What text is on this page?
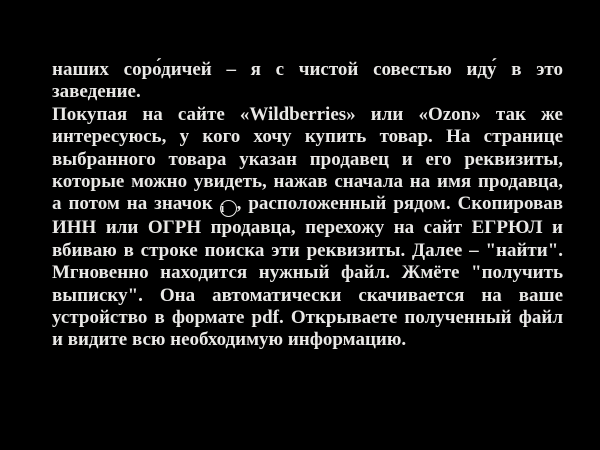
наших соро́дичей – я с чистой совестью иду́ в это
заведение.
Покупая на сайте «Wildberries» или «Ozon» так же
интересуюсь, у кого хочу купить товар. На странице
выбранного товара указан продавец и его реквизиты,
которые можно увидеть, нажав сначала на имя продавца,
а потом на значок i , расположенный рядом. Скопировав
ИНН или ОГРН продавца, перехожу на сайт ЕГРЮЛ и
вбиваю в строке поиска эти реквизиты. Далее – "найти".
Мгновенно находится нужный файл. Жмёте "получить
выписку". Она автоматически скачивается на ваше
устройство в формате pdf. Открываете полученный файл
и видите всю необходимую информацию.
